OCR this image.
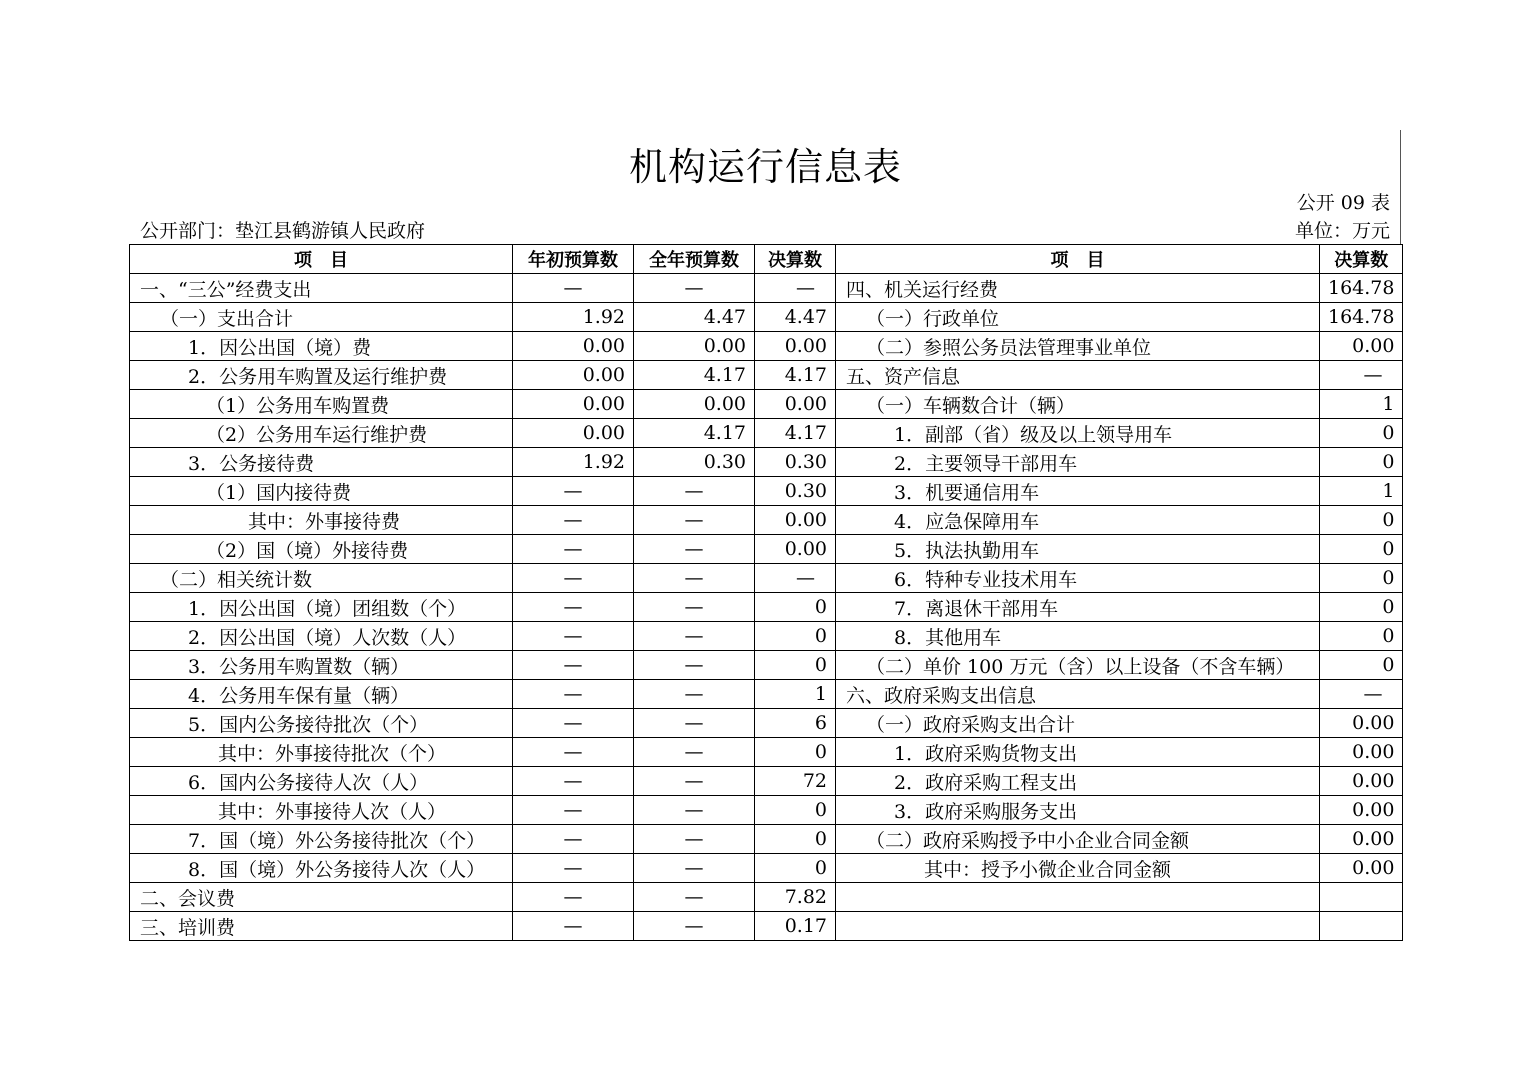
机构运行信息表
公开 09 表
公开部门：垫江县鹤游镇人民政府	单位：万元
项　目	年初预算数	全年预算数	决算数	项　目	决算数
一、“三公”经费支出	—	—	—	四、机关运行经费	164.78
（一）支出合计	1.92	4.47	4.47	（一）行政单位	164.78
1．因公出国（境）费	0.00	0.00	0.00	（二）参照公务员法管理事业单位	0.00
2．公务用车购置及运行维护费	0.00	4.17	4.17	五、资产信息	—
（1）公务用车购置费	0.00	0.00	0.00	（一）车辆数合计（辆）	1
（2）公务用车运行维护费	0.00	4.17	4.17	1．副部（省）级及以上领导用车	0
3．公务接待费	1.92	0.30	0.30	2．主要领导干部用车	0
（1）国内接待费	—	—	0.30	3．机要通信用车	1
其中：外事接待费	—	—	0.00	4．应急保障用车	0
（2）国（境）外接待费	—	—	0.00	5．执法执勤用车	0
（二）相关统计数	—	—	—	6．特种专业技术用车	0
1．因公出国（境）团组数（个）	—	—	0	7．离退休干部用车	0
2．因公出国（境）人次数（人）	—	—	0	8．其他用车	0
3．公务用车购置数（辆）	—	—	0	（二）单价 100 万元（含）以上设备（不含车辆）	0
4．公务用车保有量（辆）	—	—	1	六、政府采购支出信息	—
5．国内公务接待批次（个）	—	—	6	（一）政府采购支出合计	0.00
其中：外事接待批次（个）	—	—	0	1．政府采购货物支出	0.00
6．国内公务接待人次（人）	—	—	72	2．政府采购工程支出	0.00
其中：外事接待人次（人）	—	—	0	3．政府采购服务支出	0.00
7．国（境）外公务接待批次（个）	—	—	0	（二）政府采购授予中小企业合同金额	0.00
8．国（境）外公务接待人次（人）	—	—	0	其中：授予小微企业合同金额	0.00
二、会议费	—	—	7.82		
三、培训费	—	—	0.17		
